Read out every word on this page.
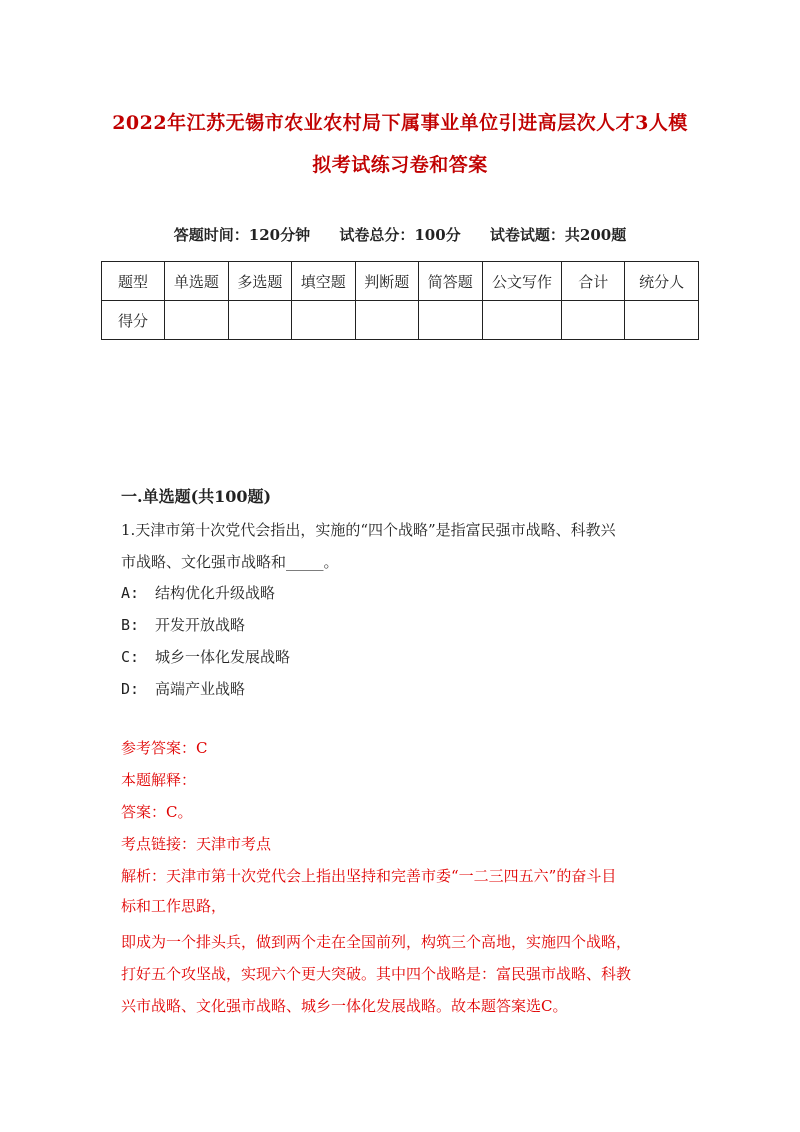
2022年江苏无锡市农业农村局下属事业单位引进高层次人才3人模
拟考试练习卷和答案
答题时间：120分钟 试卷总分：100分 试卷试题：共200题
题型	单选题	多选题	填空题	判断题	简答题	公文写作	合计	统分人
得分								
一.单选题(共100题)
1.天津市第十次党代会指出，实施的“四个战略”是指富民强市战略、科教兴
市战略、文化强市战略和_____。
A: 结构优化升级战略
B: 开发开放战略
C: 城乡一体化发展战略
D: 高端产业战略
参考答案：C
本题解释：
答案：C。
考点链接：天津市考点
解析：天津市第十次党代会上指出坚持和完善市委“一二三四五六”的奋斗目
标和工作思路，
即成为一个排头兵，做到两个走在全国前列，构筑三个高地，实施四个战略，
打好五个攻坚战，实现六个更大突破。其中四个战略是：富民强市战略、科教
兴市战略、文化强市战略、城乡一体化发展战略。故本题答案选C。
